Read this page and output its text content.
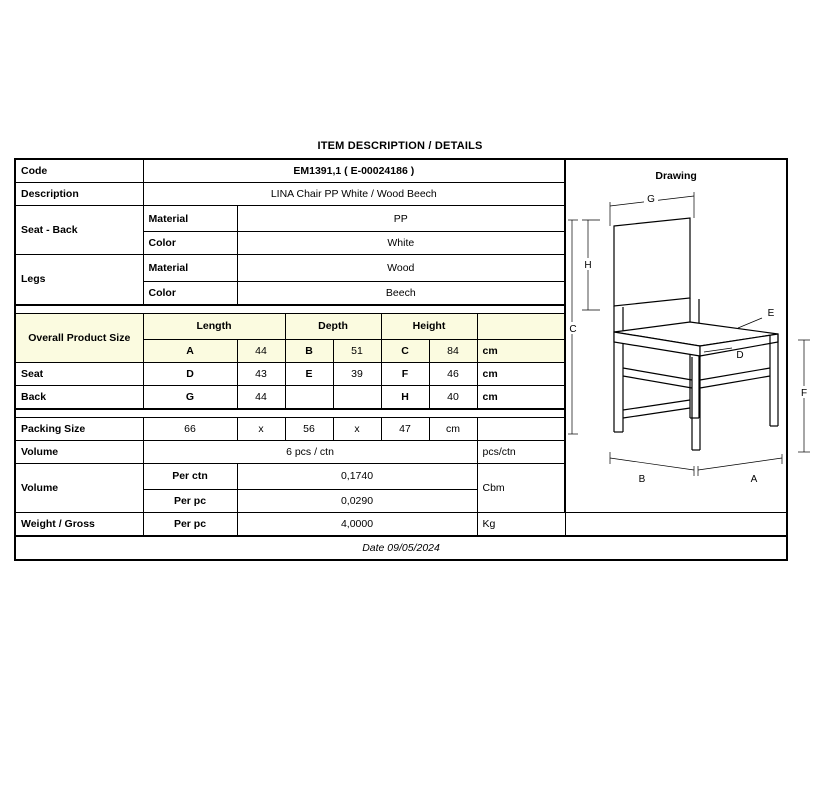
ITEM DESCRIPTION / DETAILS
Code	EM1391,1 ( E-00024186 )	Drawing
G
H
C
E
D
F
A
B

Description	LINA Chair PP White / Wood Beech							
Seat - Back	Material	PP						
	Color	White						
Legs	Material	Wood						
	Color	Beech						

Overall Product Size	Length		Depth		Height			
	A	44	B	51	C	84	cm	
Seat	D	43	E	39	F	46	cm	
Back	G	44			H	40	cm	

Packing Size	66	x	56	x	47	cm		
Volume	6 pcs / ctn						pcs/ctn	
Volume	Per ctn	0,1740					Cbm	
	Per pc	0,0290						
Weight / Gross	Per pc	4,0000					Kg	
Date 09/05/2024								
